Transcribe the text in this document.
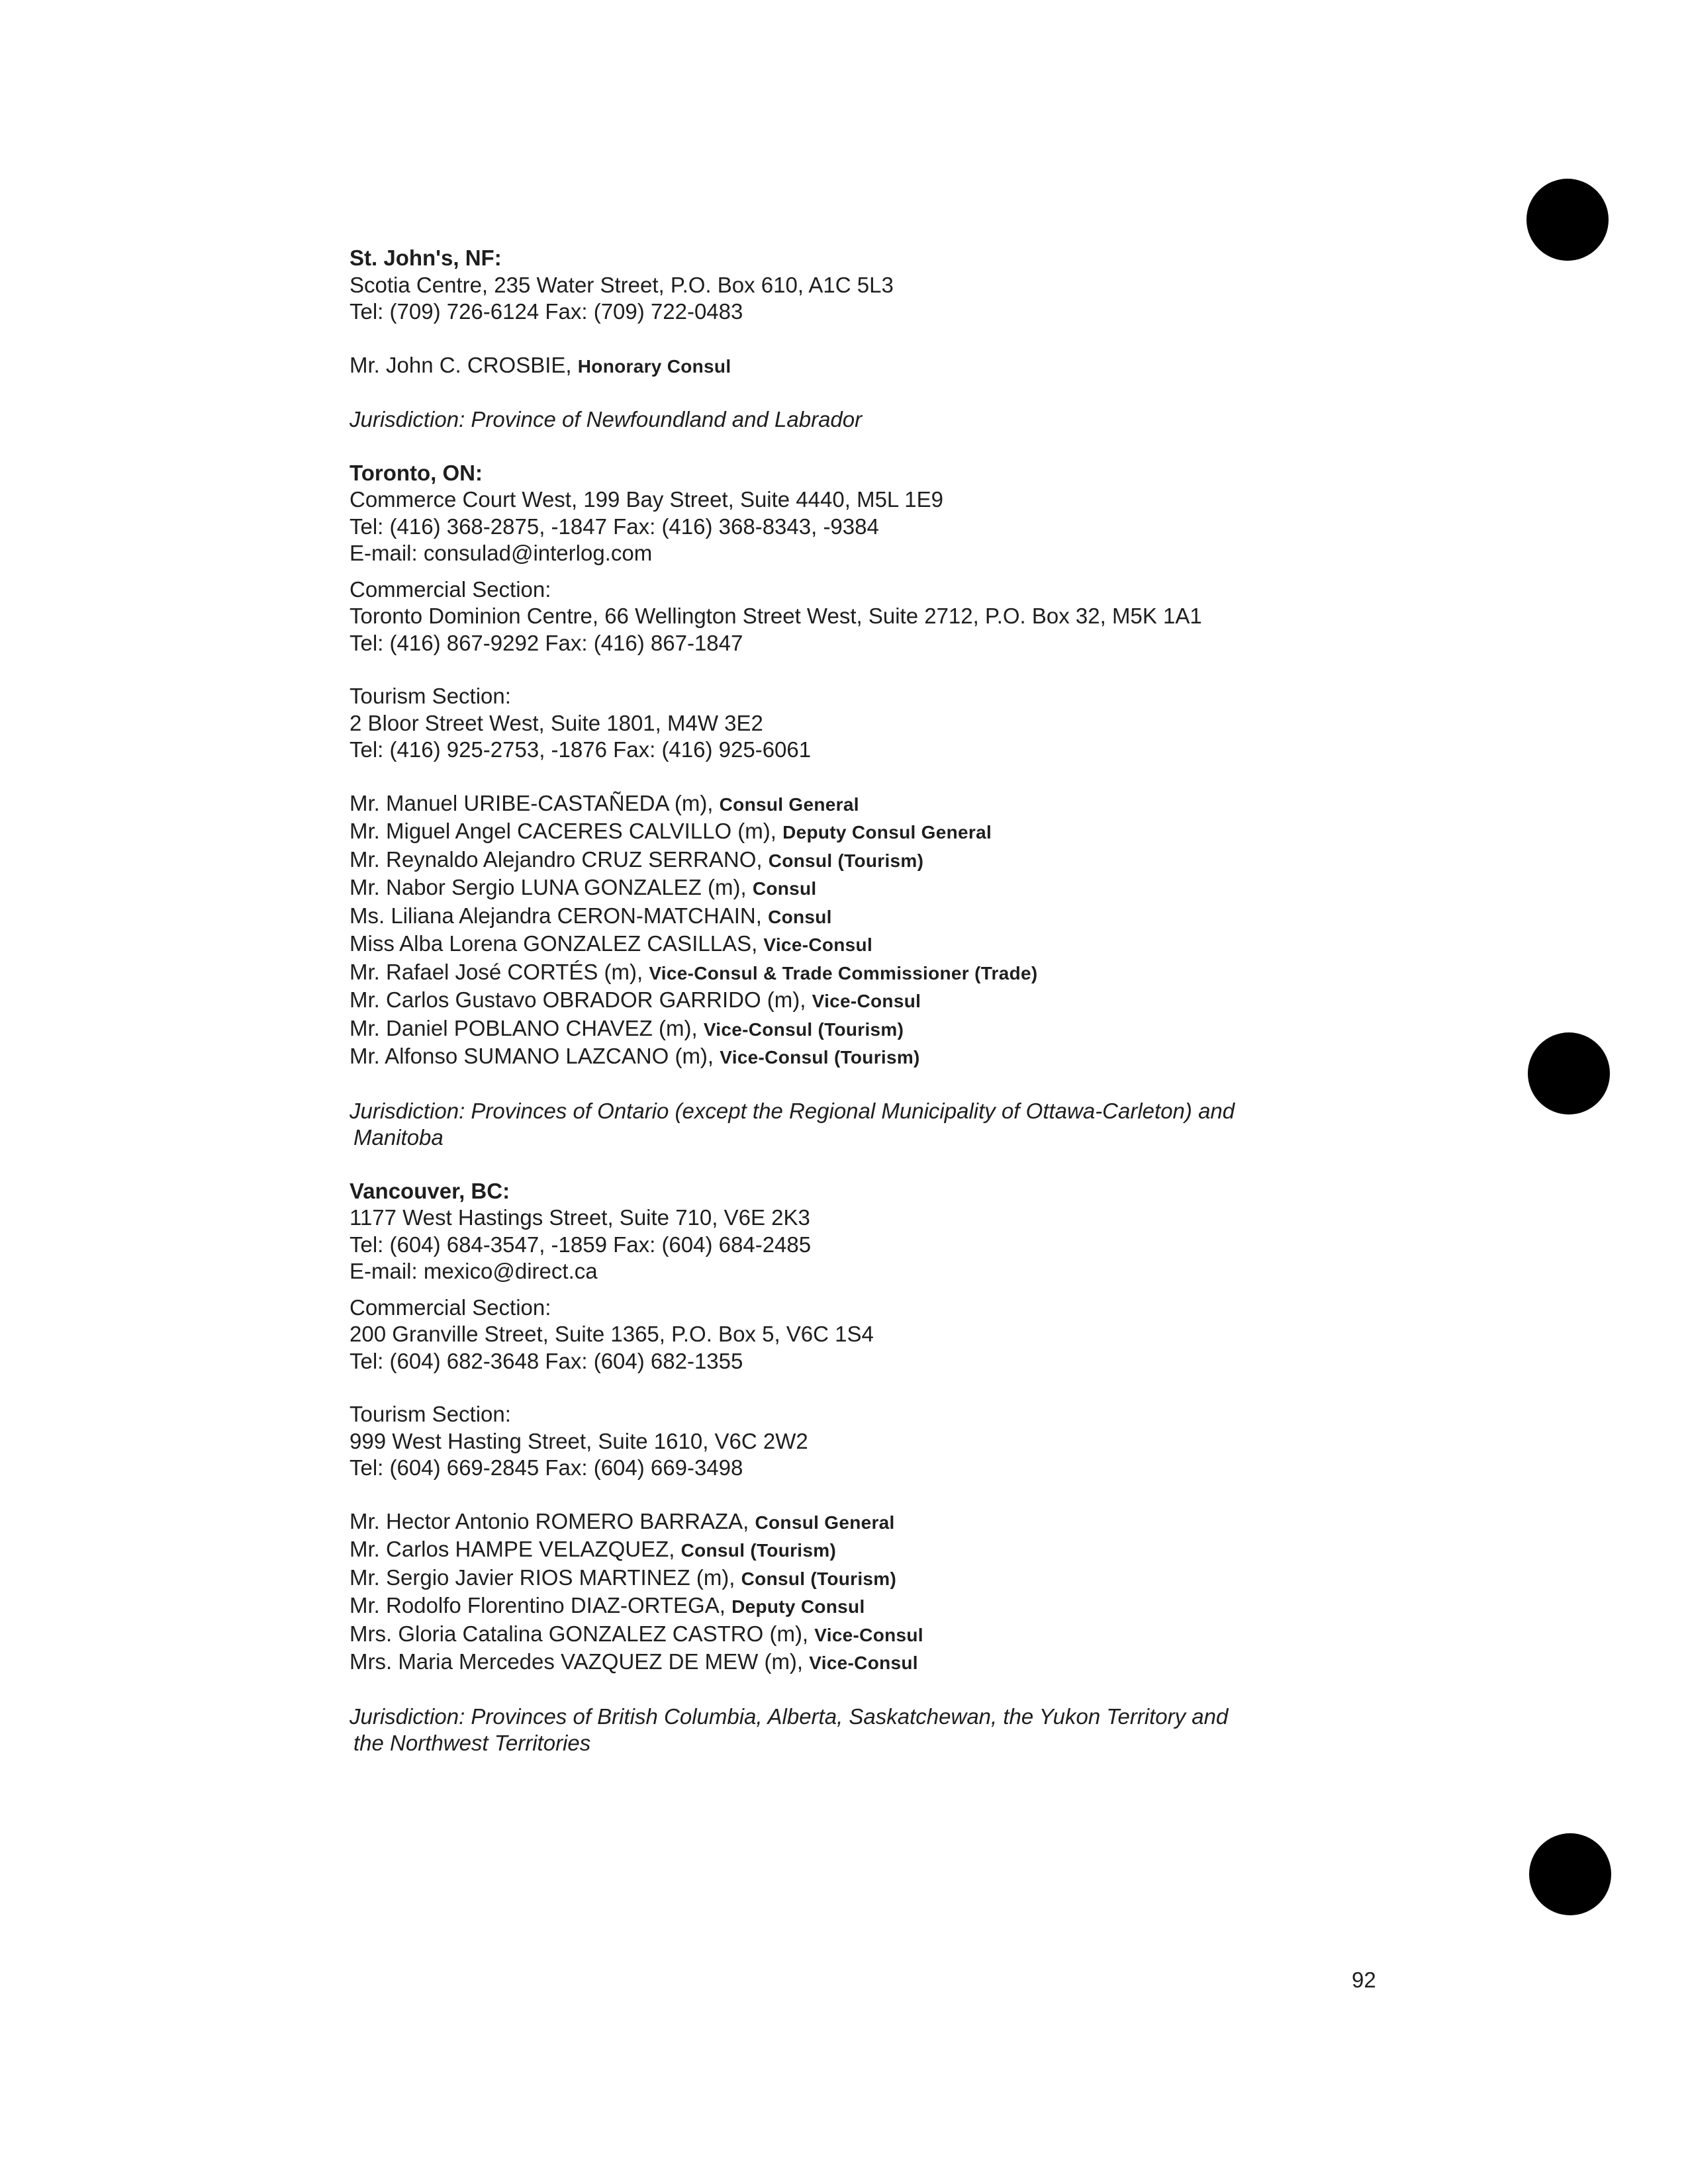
St. John's, NF:
Scotia Centre, 235 Water Street, P.O. Box 610, A1C 5L3
Tel: (709) 726-6124 Fax: (709) 722-0483
Mr. John C. CROSBIE, Honorary Consul
Jurisdiction: Province of Newfoundland and Labrador
Toronto, ON:
Commerce Court West, 199 Bay Street, Suite 4440, M5L 1E9
Tel: (416) 368-2875, -1847 Fax: (416) 368-8343, -9384
E-mail: consulad@interlog.com
Commercial Section:
Toronto Dominion Centre, 66 Wellington Street West, Suite 2712, P.O. Box 32, M5K 1A1
Tel: (416) 867-9292 Fax: (416) 867-1847
Tourism Section:
2 Bloor Street West, Suite 1801, M4W 3E2
Tel: (416) 925-2753, -1876 Fax: (416) 925-6061
Mr. Manuel URIBE-CASTAÑEDA (m), Consul General
Mr. Miguel Angel CACERES CALVILLO (m), Deputy Consul General
Mr. Reynaldo Alejandro CRUZ SERRANO, Consul (Tourism)
Mr. Nabor Sergio LUNA GONZALEZ (m), Consul
Ms. Liliana Alejandra CERON-MATCHAIN, Consul
Miss Alba Lorena GONZALEZ CASILLAS, Vice-Consul
Mr. Rafael José CORTÉS (m), Vice-Consul & Trade Commissioner (Trade)
Mr. Carlos Gustavo OBRADOR GARRIDO (m), Vice-Consul
Mr. Daniel POBLANO CHAVEZ (m), Vice-Consul (Tourism)
Mr. Alfonso SUMANO LAZCANO (m), Vice-Consul (Tourism)
Jurisdiction: Provinces of Ontario (except the Regional Municipality of Ottawa-Carleton) and
Manitoba
Vancouver, BC:
1177 West Hastings Street, Suite 710, V6E 2K3
Tel: (604) 684-3547, -1859 Fax: (604) 684-2485
E-mail: mexico@direct.ca
Commercial Section:
200 Granville Street, Suite 1365, P.O. Box 5, V6C 1S4
Tel: (604) 682-3648 Fax: (604) 682-1355
Tourism Section:
999 West Hasting Street, Suite 1610, V6C 2W2
Tel: (604) 669-2845 Fax: (604) 669-3498
Mr. Hector Antonio ROMERO BARRAZA, Consul General
Mr. Carlos HAMPE VELAZQUEZ, Consul (Tourism)
Mr. Sergio Javier RIOS MARTINEZ (m), Consul (Tourism)
Mr. Rodolfo Florentino DIAZ-ORTEGA, Deputy Consul
Mrs. Gloria Catalina GONZALEZ CASTRO (m), Vice-Consul
Mrs. Maria Mercedes VAZQUEZ DE MEW (m), Vice-Consul
Jurisdiction: Provinces of British Columbia, Alberta, Saskatchewan, the Yukon Territory and
the Northwest Territories
92
